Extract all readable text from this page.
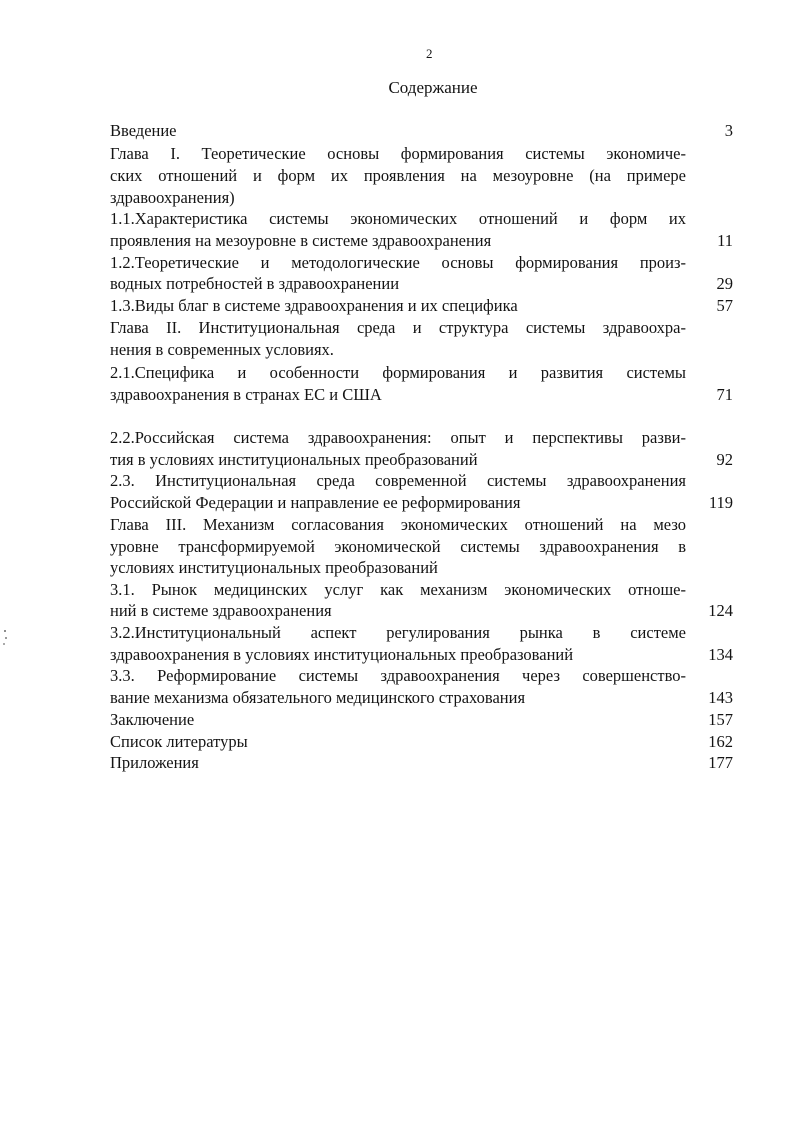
2
Содержание
Введение	3
Глава I. Теоретические основы формирования системы экономиче-
ских отношений и форм их проявления на мезоуровне (на примере
здравоохранения)
1.1.Характеристика системы экономических отношений и форм их
проявления на мезоуровне в системе здравоохранения	11
1.2.Теоретические и методологические основы формирования произ-
водных потребностей в здравоохранении	29
1.3.Виды благ в системе здравоохранения и их специфика	57
Глава II. Институциональная среда и структура системы здравоохра-
нения в современных условиях.
2.1.Специфика и особенности формирования и развития системы
здравоохранения в странах ЕС и США	71
2.2.Российская система здравоохранения: опыт и перспективы разви-
тия в условиях институциональных преобразований	92
2.3. Институциональная среда современной системы здравоохранения
Российской Федерации и направление ее реформирования	119
Глава III. Механизм согласования экономических отношений на мезо
уровне трансформируемой экономической системы здравоохранения в
условиях институциональных преобразований
3.1. Рынок медицинских услуг как механизм экономических отноше-
ний в системе здравоохранения	124
3.2.Институциональный аспект регулирования рынка в системе
здравоохранения в условиях институциональных преобразований	134
3.3. Реформирование системы здравоохранения через совершенство-
вание механизма обязательного медицинского страхования	143
Заключение	157
Список литературы	162
Приложения	177
